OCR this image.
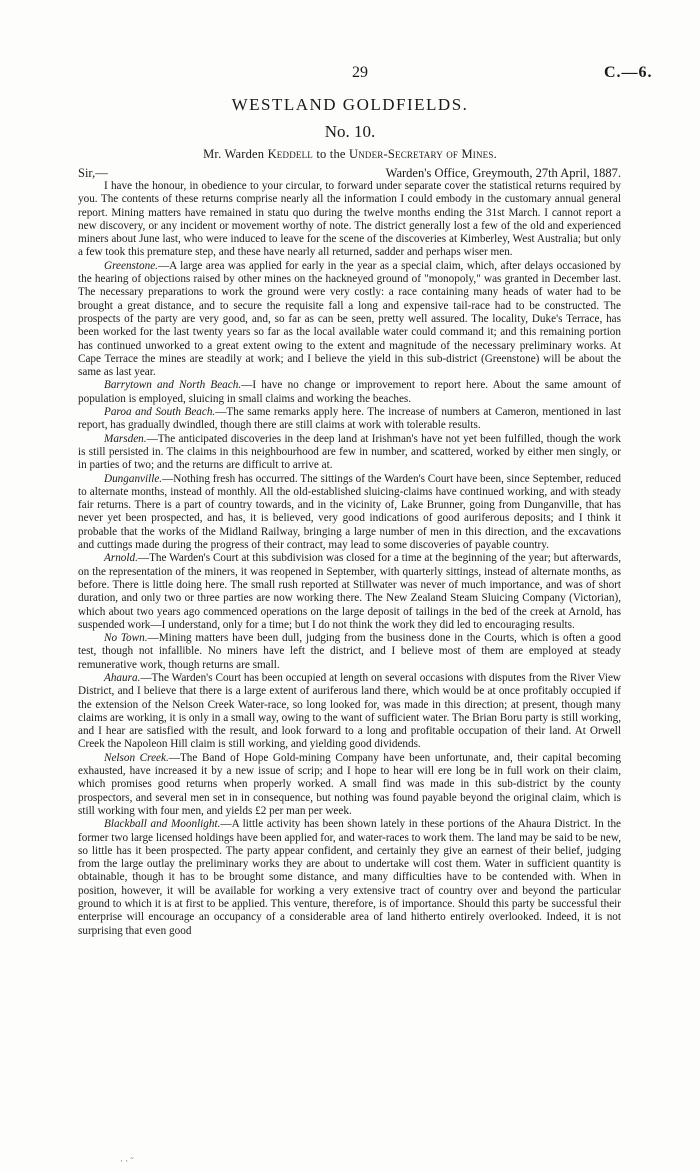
29	C.—6.
WESTLAND GOLDFIELDS.
No. 10.
Mr. Warden Keddell to the Under-Secretary of Mines.
Sir,—	Warden's Office, Greymouth, 27th April, 1887.

I have the honour, in obedience to your circular, to forward under separate cover the statistical returns required by you. The contents of these returns comprise nearly all the information I could embody in the customary annual general report. Mining matters have remained in statu quo during the twelve months ending the 31st March. I cannot report a new discovery, or any incident or movement worthy of note. The district generally lost a few of the old and experienced miners about June last, who were induced to leave for the scene of the discoveries at Kimberley, West Australia; but only a few took this premature step, and these have nearly all returned, sadder and perhaps wiser men.

Greenstone.—A large area was applied for early in the year as a special claim, which, after delays occasioned by the hearing of objections raised by other mines on the hackneyed ground of "monopoly," was granted in December last. The necessary preparations to work the ground were very costly: a race containing many heads of water had to be brought a great distance, and to secure the requisite fall a long and expensive tail-race had to be constructed. The prospects of the party are very good, and, so far as can be seen, pretty well assured. The locality, Duke's Terrace, has been worked for the last twenty years so far as the local available water could command it; and this remaining portion has continued unworked to a great extent owing to the extent and magnitude of the necessary preliminary works. At Cape Terrace the mines are steadily at work; and I believe the yield in this sub-district (Greenstone) will be about the same as last year.

Barrytown and North Beach.—I have no change or improvement to report here. About the same amount of population is employed, sluicing in small claims and working the beaches.

Paroa and South Beach.—The same remarks apply here. The increase of numbers at Cameron, mentioned in last report, has gradually dwindled, though there are still claims at work with tolerable results.

Marsden.—The anticipated discoveries in the deep land at Irishman's have not yet been fulfilled, though the work is still persisted in. The claims in this neighbourhood are few in number, and scattered, worked by either men singly, or in parties of two; and the returns are difficult to arrive at.

Dunganville.—Nothing fresh has occurred. The sittings of the Warden's Court have been, since September, reduced to alternate months, instead of monthly. All the old-established sluicing-claims have continued working, and with steady fair returns. There is a part of country towards, and in the vicinity of, Lake Brunner, going from Dunganville, that has never yet been prospected, and has, it is believed, very good indications of good auriferous deposits; and I think it probable that the works of the Midland Railway, bringing a large number of men in this direction, and the excavations and cuttings made during the progress of their contract, may lead to some discoveries of payable country.

Arnold.—The Warden's Court at this subdivision was closed for a time at the beginning of the year; but afterwards, on the representation of the miners, it was reopened in September, with quarterly sittings, instead of alternate months, as before. There is little doing here. The small rush reported at Stillwater was never of much importance, and was of short duration, and only two or three parties are now working there. The New Zealand Steam Sluicing Company (Victorian), which about two years ago commenced operations on the large deposit of tailings in the bed of the creek at Arnold, has suspended work—I understand, only for a time; but I do not think the work they did led to encouraging results.

No Town.—Mining matters have been dull, judging from the business done in the Courts, which is often a good test, though not infallible. No miners have left the district, and I believe most of them are employed at steady remunerative work, though returns are small.

Ahaura.—The Warden's Court has been occupied at length on several occasions with disputes from the River View District, and I believe that there is a large extent of auriferous land there, which would be at once profitably occupied if the extension of the Nelson Creek Water-race, so long looked for, was made in this direction; at present, though many claims are working, it is only in a small way, owing to the want of sufficient water. The Brian Boru party is still working, and I hear are satisfied with the result, and look forward to a long and profitable occupation of their land. At Orwell Creek the Napoleon Hill claim is still working, and yielding good dividends.

Nelson Creek.—The Band of Hope Gold-mining Company have been unfortunate, and, their capital becoming exhausted, have increased it by a new issue of scrip; and I hope to hear will ere long be in full work on their claim, which promises good returns when properly worked. A small find was made in this sub-district by the county prospectors, and several men set in in consequence, but nothing was found payable beyond the original claim, which is still working with four men, and yields £2 per man per week.

Blackball and Moonlight.—A little activity has been shown lately in these portions of the Ahaura District. In the former two large licensed holdings have been applied for, and water-races to work them. The land may be said to be new, so little has it been prospected. The party appear confident, and certainly they give an earnest of their belief, judging from the large outlay the preliminary works they are about to undertake will cost them. Water in sufficient quantity is obtainable, though it has to be brought some distance, and many difficulties have to be contended with. When in position, however, it will be available for working a very extensive tract of country over and beyond the particular ground to which it is at first to be applied. This venture, therefore, is of importance. Should this party be successful their enterprise will encourage an occupancy of a considerable area of land hitherto entirely overlooked. Indeed, it is not surprising that even good

· · ˜
